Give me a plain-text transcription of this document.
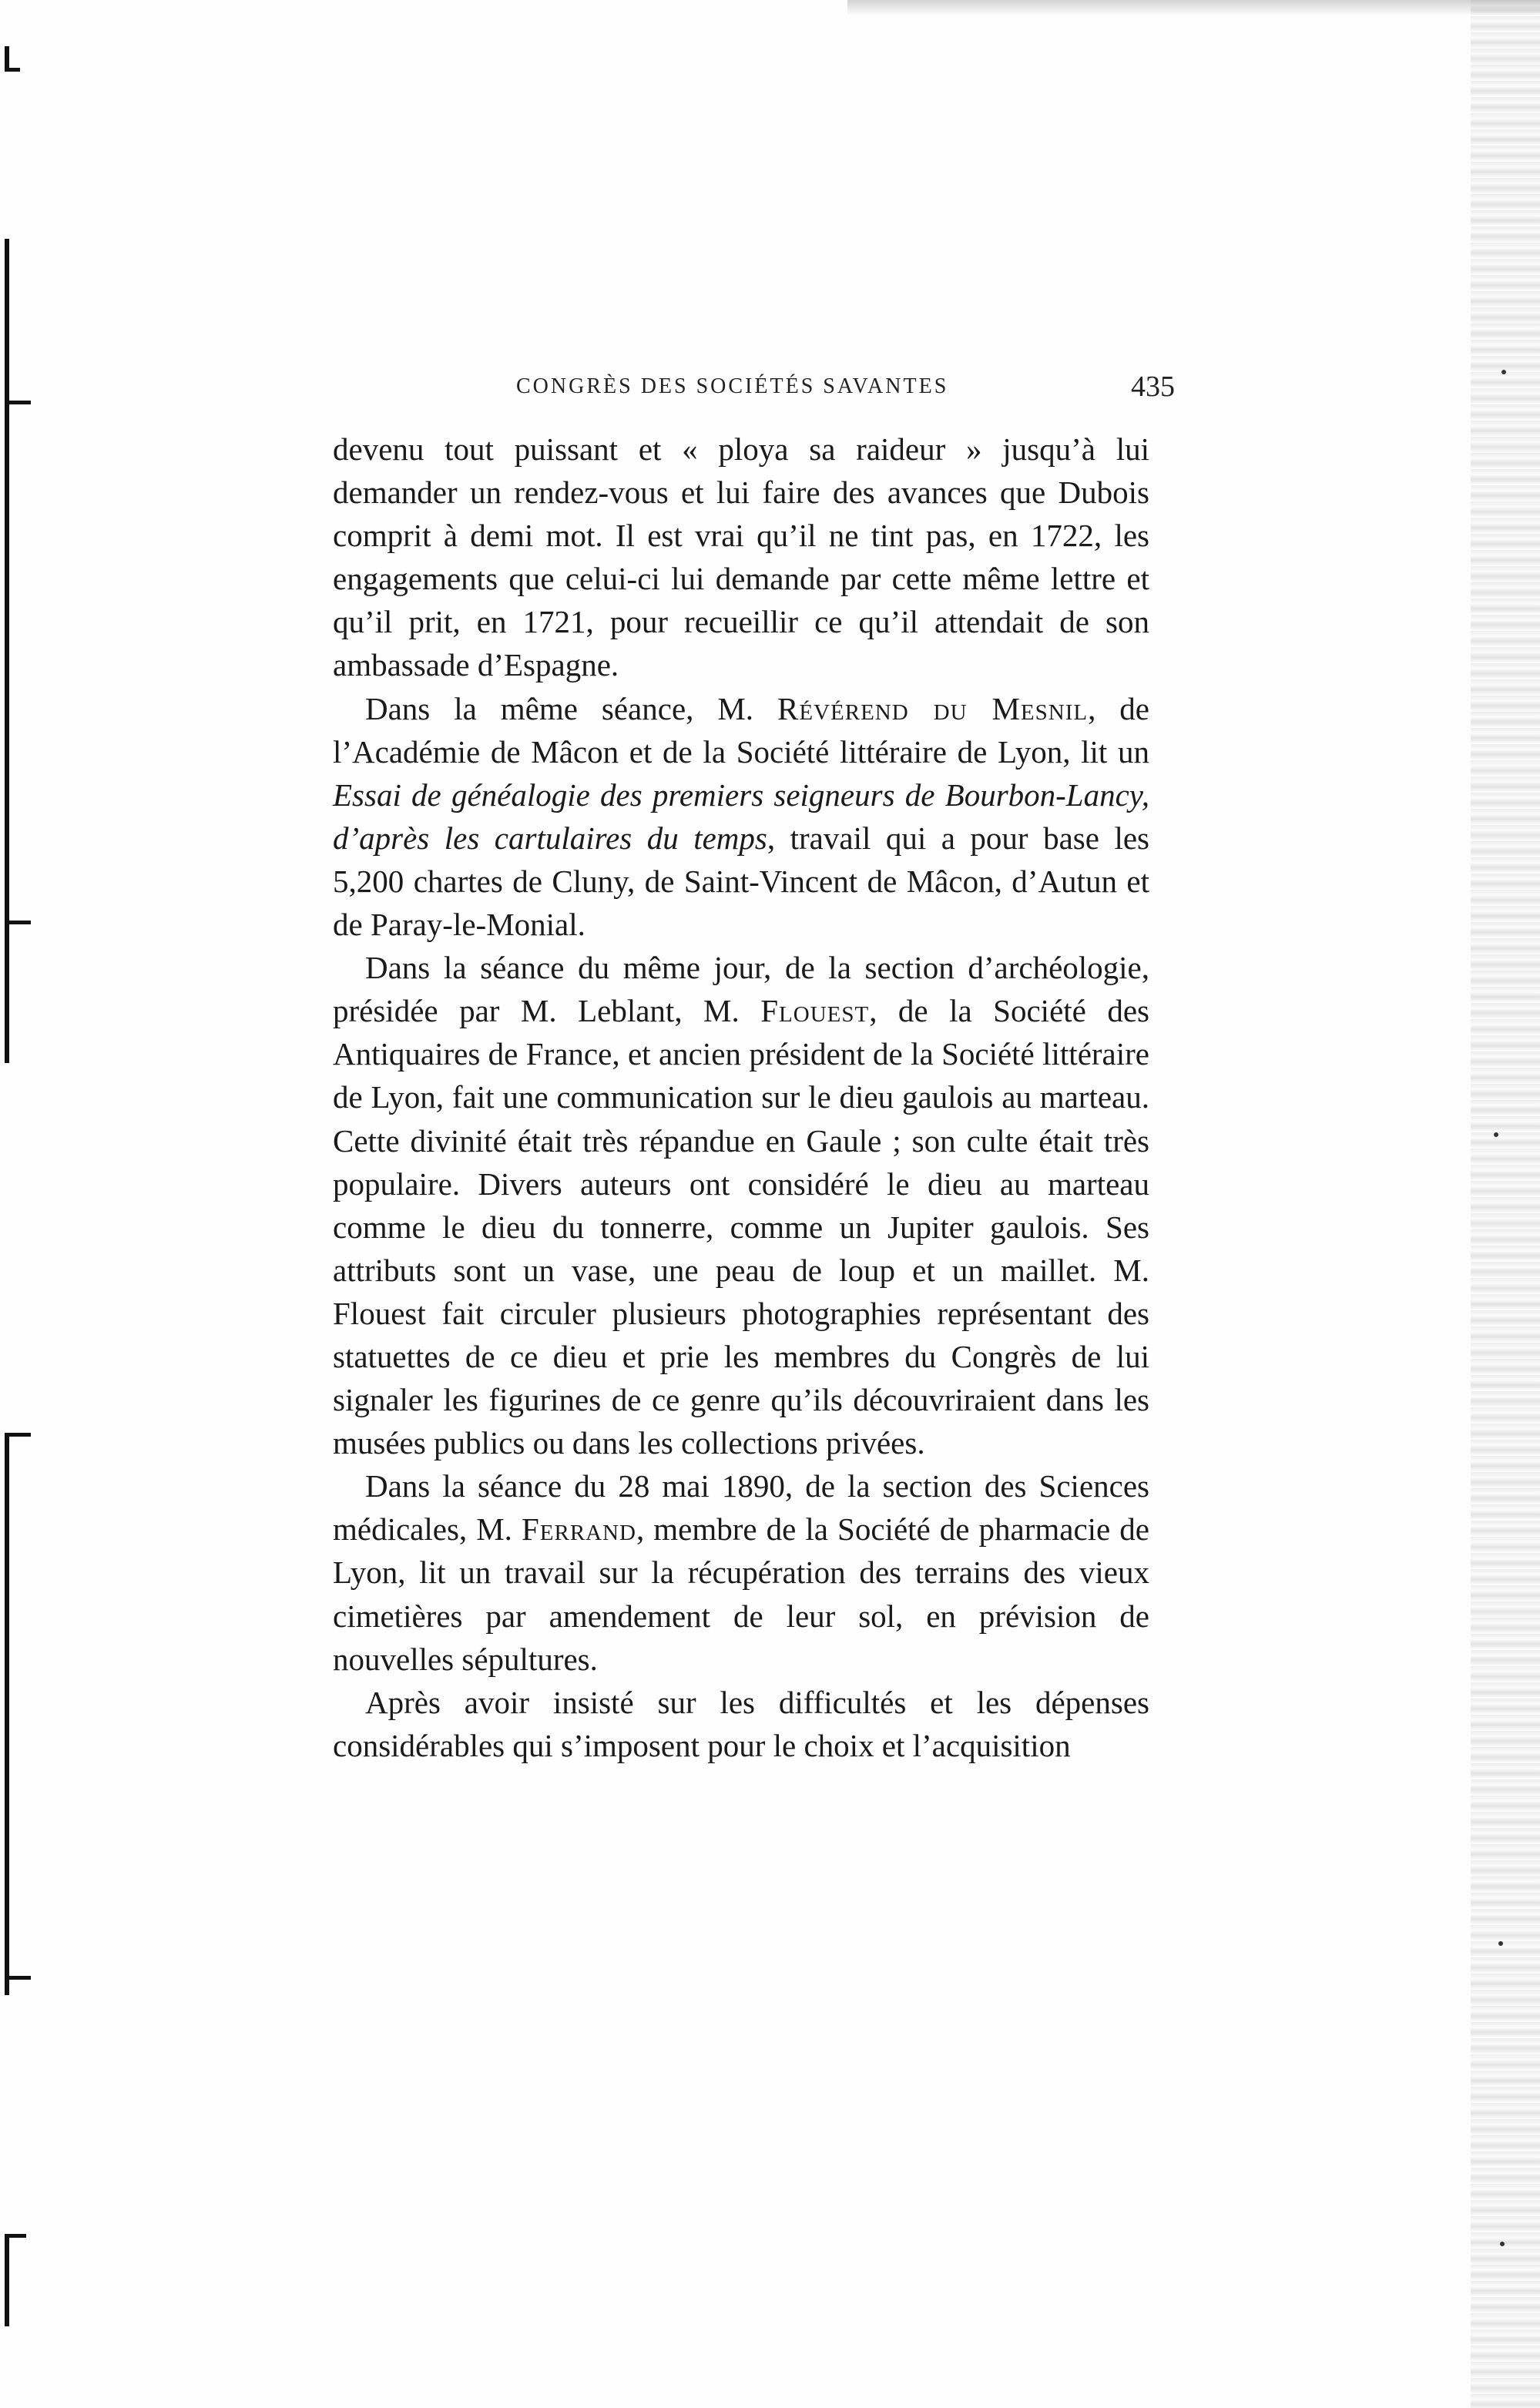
CONGRÈS DES SOCIÉTÉS SAVANTES	435

devenu tout puissant et « ploya sa raideur » jusqu’à lui demander un rendez-vous et lui faire des avances que Dubois comprit à demi mot. Il est vrai qu’il ne tint pas, en 1722, les engagements que celui-ci lui demande par cette même lettre et qu’il prit, en 1721, pour recueillir ce qu’il attendait de son ambassade d’Espagne.

Dans la même séance, M. Révérend du Mesnil, de l’Académie de Mâcon et de la Société littéraire de Lyon, lit un Essai de généalogie des premiers seigneurs de Bourbon-Lancy, d’après les cartulaires du temps, travail qui a pour base les 5,200 chartes de Cluny, de Saint-Vincent de Mâcon, d’Autun et de Paray-le-Monial.

Dans la séance du même jour, de la section d’archéologie, présidée par M. Leblant, M. Flouest, de la Société des Antiquaires de France, et ancien président de la Société littéraire de Lyon, fait une communication sur le dieu gaulois au marteau. Cette divinité était très répandue en Gaule ; son culte était très populaire. Divers auteurs ont considéré le dieu au marteau comme le dieu du tonnerre, comme un Jupiter gaulois. Ses attributs sont un vase, une peau de loup et un maillet. M. Flouest fait circuler plusieurs photographies représentant des statuettes de ce dieu et prie les membres du Congrès de lui signaler les figurines de ce genre qu’ils découvriraient dans les musées publics ou dans les collections privées.

Dans la séance du 28 mai 1890, de la section des Sciences médicales, M. Ferrand, membre de la Société de pharmacie de Lyon, lit un travail sur la récupération des terrains des vieux cimetières par amendement de leur sol, en prévision de nouvelles sépultures.

Après avoir insisté sur les difficultés et les dépenses considérables qui s’imposent pour le choix et l’acquisition
